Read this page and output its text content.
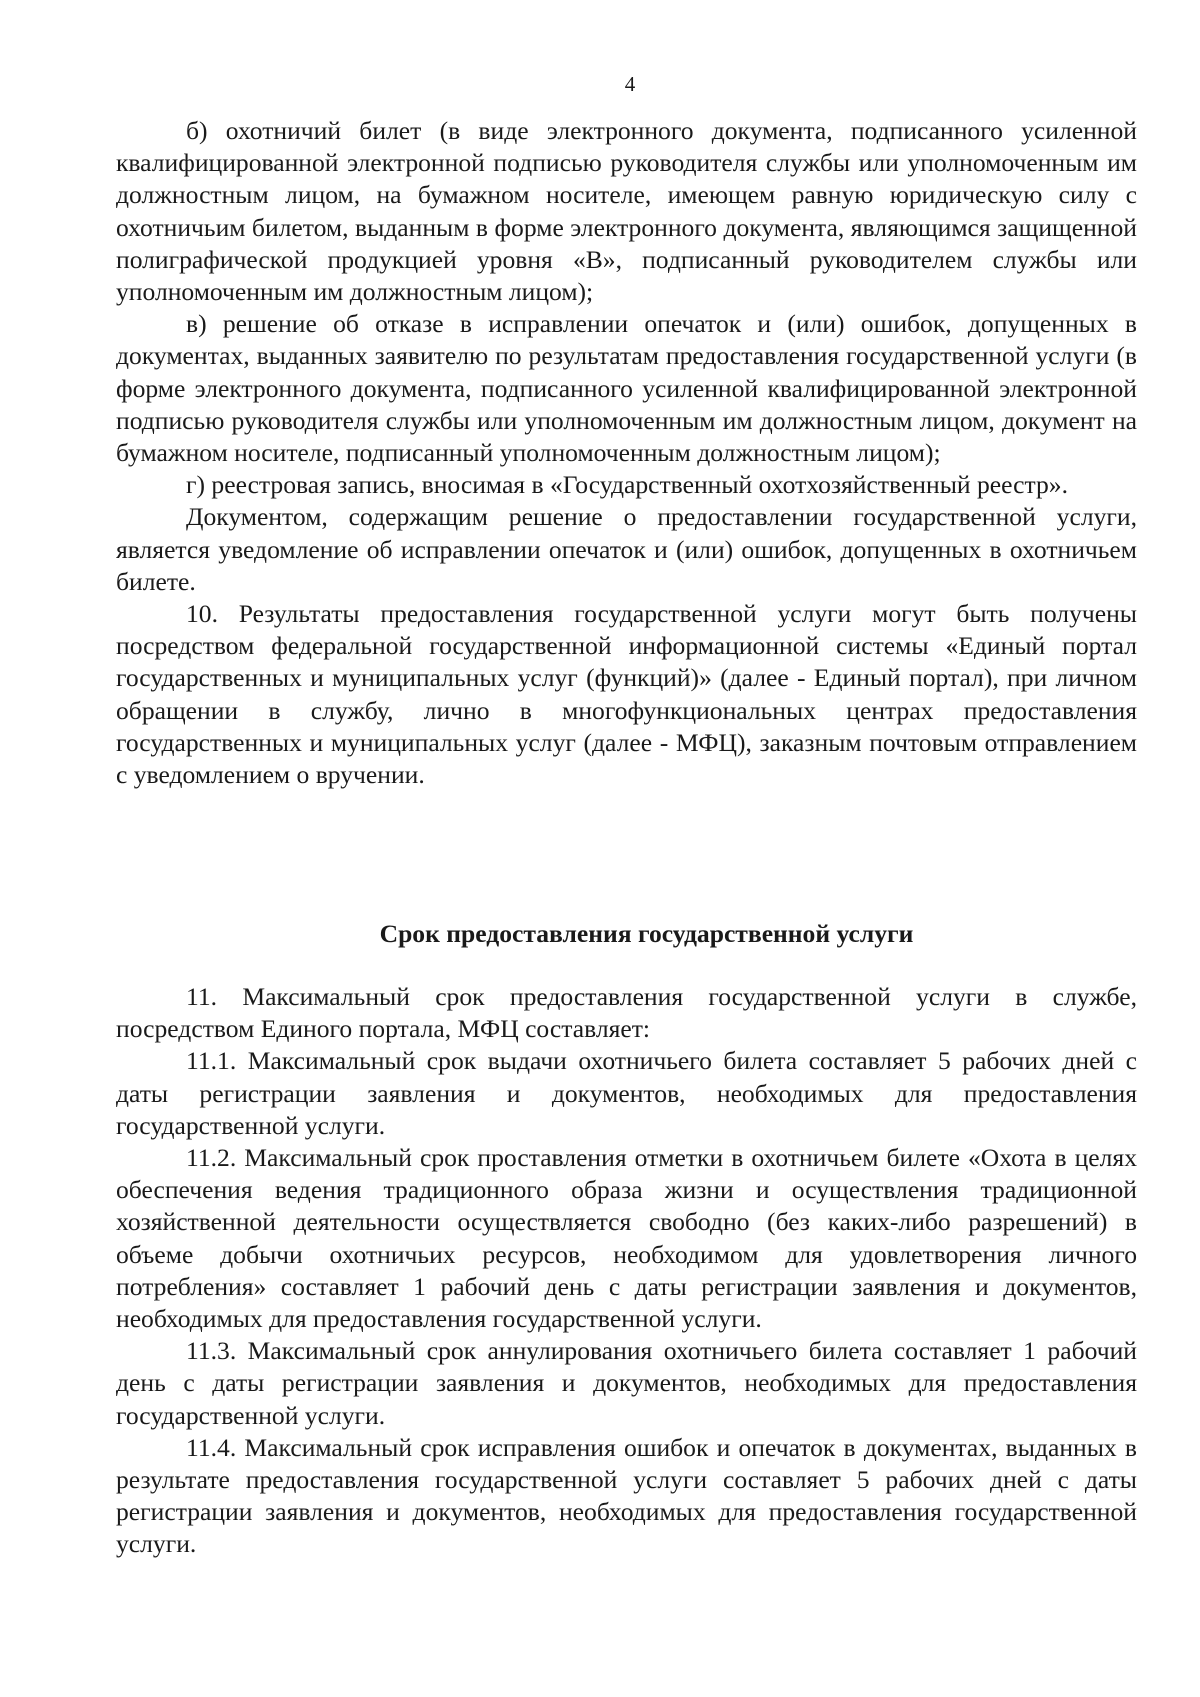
4

б) охотничий билет (в виде электронного документа, подписанного усиленной квалифицированной электронной подписью руководителя службы или уполномоченным им должностным лицом, на бумажном носителе, имеющем равную юридическую силу с охотничьим билетом, выданным в форме электронного документа, являющимся защищенной полиграфической продукцией уровня «В», подписанный руководителем службы или уполномоченным им должностным лицом);

в) решение об отказе в исправлении опечаток и (или) ошибок, допущенных в документах, выданных заявителю по результатам предоставления государственной услуги (в форме электронного документа, подписанного усиленной квалифицированной электронной подписью руководителя службы или уполномоченным им должностным лицом, документ на бумажном носителе, подписанный уполномоченным должностным лицом);

г) реестровая запись, вносимая в «Государственный охотхозяйственный реестр».

Документом, содержащим решение о предоставлении государственной услуги, является уведомление об исправлении опечаток и (или) ошибок, допущенных в охотничьем билете.

10. Результаты предоставления государственной услуги могут быть получены посредством федеральной государственной информационной системы «Единый портал государственных и муниципальных услуг (функций)» (далее - Единый портал), при личном обращении в службу, лично в многофункциональных центрах предоставления государственных и муниципальных услуг (далее - МФЦ), заказным почтовым отправлением с уведомлением о вручении.

Срок предоставления государственной услуги

11. Максимальный срок предоставления государственной услуги в службе, посредством Единого портала, МФЦ составляет:

11.1. Максимальный срок выдачи охотничьего билета составляет 5 рабочих дней с даты регистрации заявления и документов, необходимых для предоставления государственной услуги.

11.2. Максимальный срок проставления отметки в охотничьем билете «Охота в целях обеспечения ведения традиционного образа жизни и осуществления традиционной хозяйственной деятельности осуществляется свободно (без каких-либо разрешений) в объеме добычи охотничьих ресурсов, необходимом для удовлетворения личного потребления» составляет 1 рабочий день с даты регистрации заявления и документов, необходимых для предоставления государственной услуги.

11.3. Максимальный срок аннулирования охотничьего билета составляет 1 рабочий день с даты регистрации заявления и документов, необходимых для предоставления государственной услуги.

11.4. Максимальный срок исправления ошибок и опечаток в документах, выданных в результате предоставления государственной услуги составляет 5 рабочих дней с даты регистрации заявления и документов, необходимых для предоставления государственной услуги.
